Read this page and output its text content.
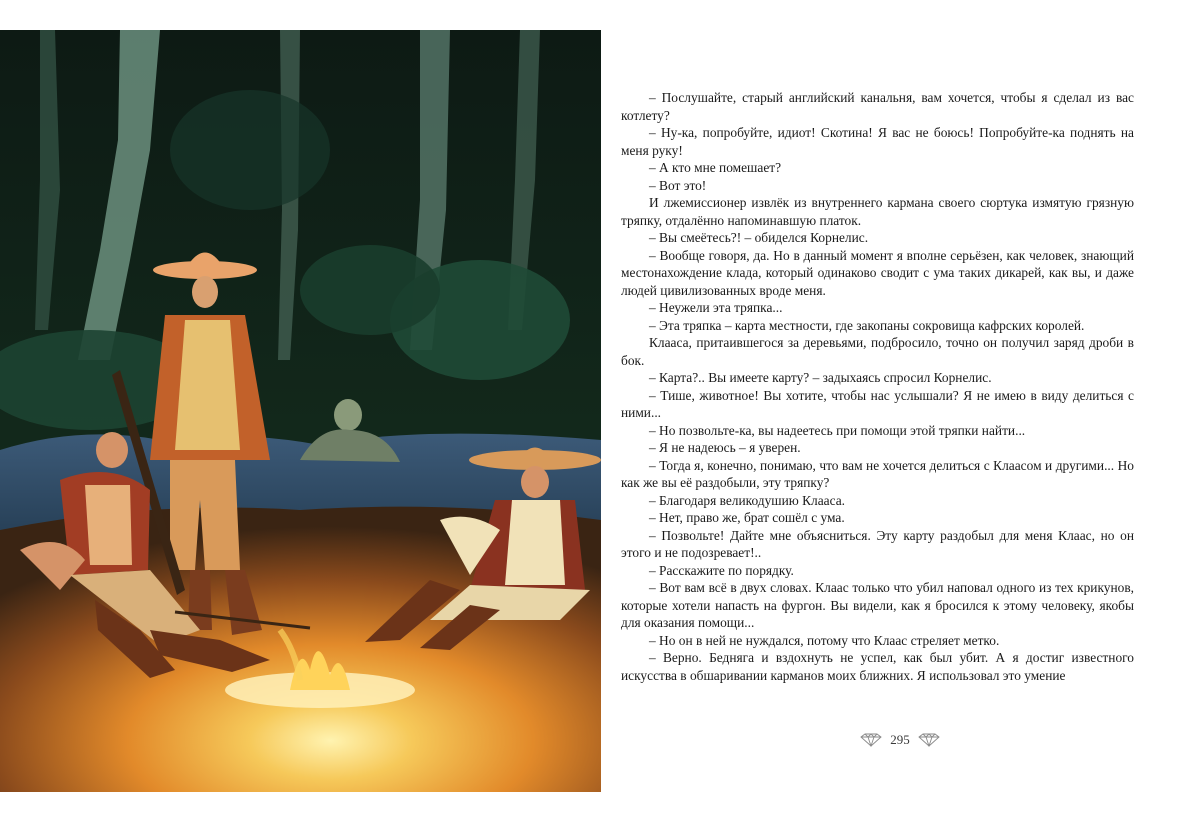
– Послушайте, старый английский канальня, вам хочется, чтобы я сделал из вас котлету?

– Ну-ка, попробуйте, идиот! Скотина! Я вас не боюсь! Попробуйте-ка поднять на меня руку!

– А кто мне помешает?

– Вот это!

И лжемиссионер извлёк из внутреннего кармана своего сюртука измятую грязную тряпку, отдалённо напоминавшую платок.

– Вы смеётесь?! – обиделся Корнелис.

– Вообще говоря, да. Но в данный момент я вполне серьёзен, как человек, знающий местонахождение клада, который одинаково сводит с ума таких дикарей, как вы, и даже людей цивилизованных вроде меня.

– Неужели эта тряпка...

– Эта тряпка – карта местности, где закопаны сокровища кафрских королей.

Клааса, притаившегося за деревьями, подбросило, точно он получил заряд дроби в бок.

– Карта?.. Вы имеете карту? – задыхаясь спросил Корнелис.

– Тише, животное! Вы хотите, чтобы нас услышали? Я не имею в виду делиться с ними...

– Но позвольте-ка, вы надеетесь при помощи этой тряпки найти...

– Я не надеюсь – я уверен.

– Тогда я, конечно, понимаю, что вам не хочется делиться с Клаасом и другими... Но как же вы её раздобыли, эту тряпку?

– Благодаря великодушию Клааса.

– Нет, право же, брат сошёл с ума.

– Позвольте! Дайте мне объясниться. Эту карту раздобыл для меня Клаас, но он этого и не подозревает!..

– Расскажите по порядку.

– Вот вам всё в двух словах. Клаас только что убил наповал одного из тех крикунов, которые хотели напасть на фургон. Вы видели, как я бросился к этому человеку, якобы для оказания помощи...

– Но он в ней не нуждался, потому что Клаас стреляет метко.

– Верно. Бедняга и вздохнуть не успел, как был убит. А я достиг известного искусства в обшаривании карманов моих ближних. Я использовал это умение

295
